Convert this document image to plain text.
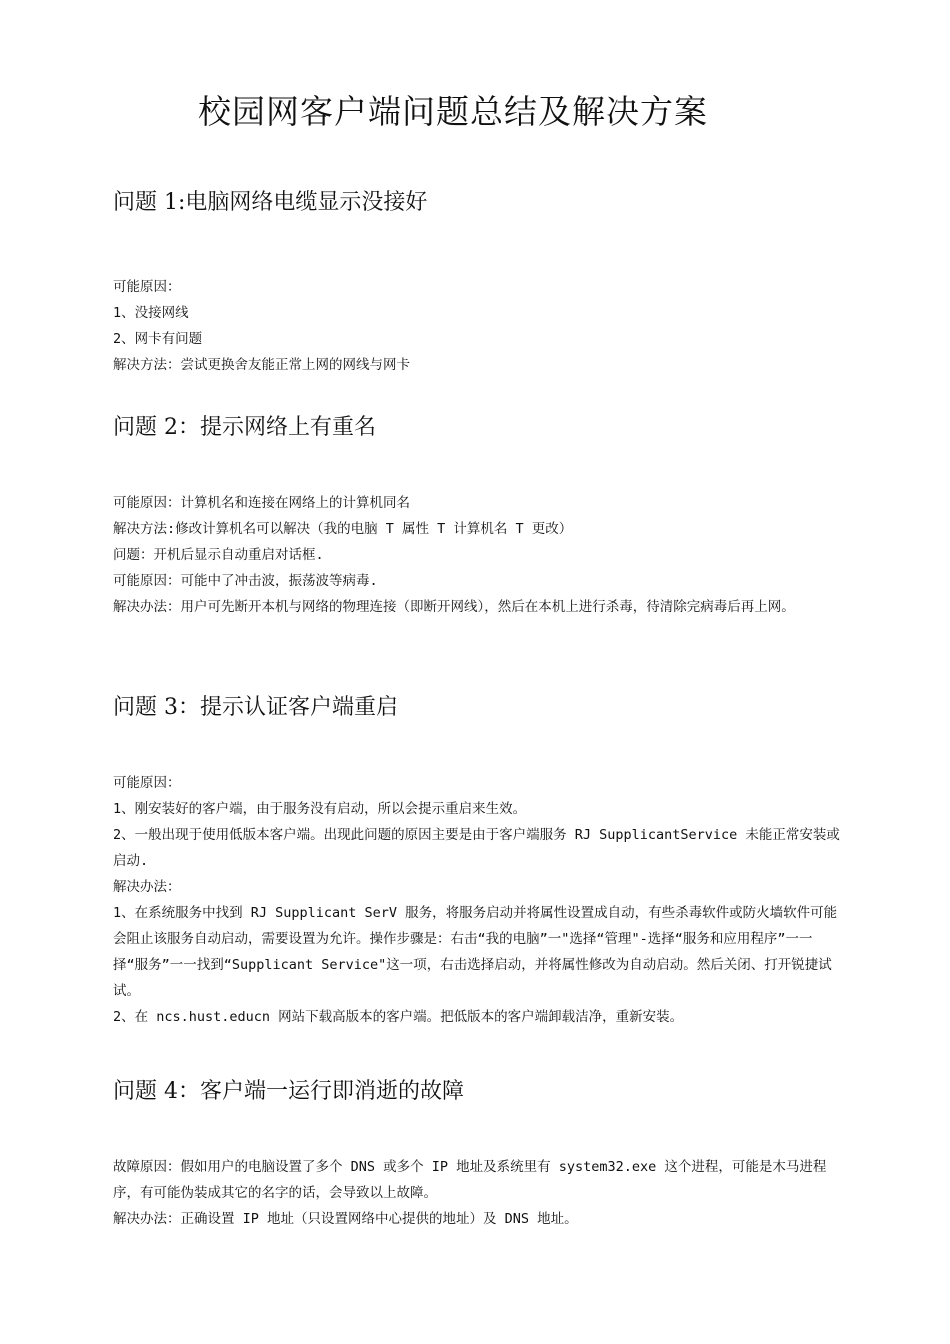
校园网客户端问题总结及解决方案
问题 1:电脑网络电缆显示没接好

可能原因：

1、没接网线

2、网卡有问题

解决方法：尝试更换舍友能正常上网的网线与网卡

问题 2：提示网络上有重名

可能原因：计算机名和连接在网络上的计算机同名

解决方法:修改计算机名可以解决（我的电脑 T 属性 T 计算机名 T 更改）

问题：开机后显示自动重启对话框.

可能原因：可能中了冲击波，振荡波等病毒.

解决办法：用户可先断开本机与网络的物理连接（即断开网线），然后在本机上进行杀毒，待清除完病毒后再上网。

问题 3：提示认证客户端重启

可能原因：

1、刚安装好的客户端，由于服务没有启动，所以会提示重启来生效。

2、一般出现于使用低版本客户端。出现此问题的原因主要是由于客户端服务 RJ SupplicantService 未能正常安装或启动.

解决办法：

1、在系统服务中找到 RJ Supplicant SerV 服务，将服务启动并将属性设置成自动，有些杀毒软件或防火墙软件可能会阻止该服务自动启动，需要设置为允许。操作步骤是：右击“我的电脑”一"选择“管理"-选择“服务和应用程序”一一 择“服务”一一找到“Supplicant Service"这一项，右击选择启动，并将属性修改为自动启动。然后关闭、打开锐捷试试。

2、在 ncs.hust.educn 网站下载高版本的客户端。把低版本的客户端卸载洁净，重新安装。

问题 4：客户端一运行即消逝的故障

故障原因：假如用户的电脑设置了多个 DNS 或多个 IP 地址及系统里有 system32.exe 这个进程，可能是木马进程序，有可能伪装成其它的名字的话，会导致以上故障。

解决办法：正确设置 IP 地址（只设置网络中心提供的地址）及 DNS 地址。
